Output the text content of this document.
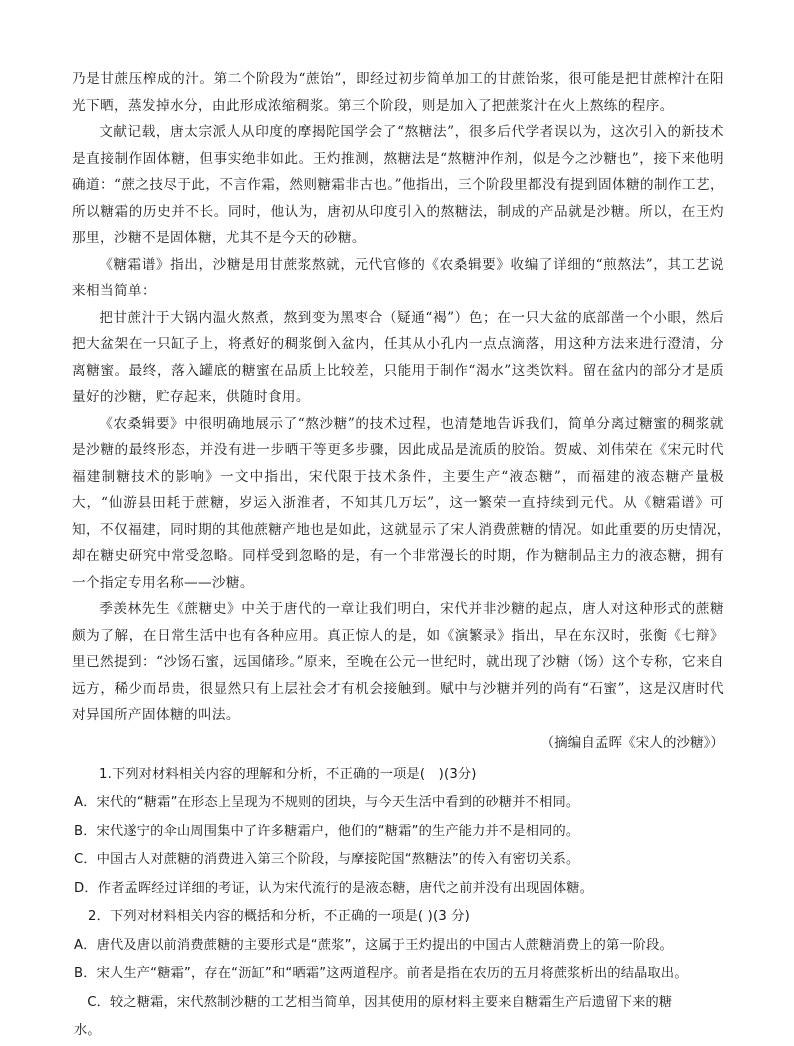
乃是甘蔗压榨成的汁。第二个阶段为“蔗饴”，即经过初步简单加工的甘蔗饴浆，很可能是把甘蔗榨汁在阳光下晒，蒸发掉水分，由此形成浓缩稠浆。第三个阶段，则是加入了把蔗浆汁在火上熬练的程序。

文献记载，唐太宗派人从印度的摩揭陀国学会了“熬糖法”，很多后代学者误以为，这次引入的新技术是直接制作固体糖，但事实绝非如此。王灼推测，熬糖法是“熬糖沖作剂，似是今之沙糖也”，接下来他明确道：“蔗之技尽于此，不言作霜，然则糖霜非古也。”他指出，三个阶段里都没有提到固体糖的制作工艺，所以糖霜的历史并不长。同时，他认为，唐初从印度引入的熬糖法，制成的产品就是沙糖。所以，在王灼那里，沙糖不是固体糖，尤其不是今天的砂糖。

《糖霜谱》指出，沙糖是用甘蔗浆熬就，元代官修的《农桑辑要》收编了详细的“煎熬法”，其工艺说来相当简单：

把甘蔗汁于大锅内温火熬煮，熬到变为黑枣合（疑通“褐”）色；在一只大盆的底部凿一个小眼，然后把大盆架在一只缸子上，将煮好的稠浆倒入盆内，任其从小孔内一点点滴落，用这种方法来进行澄清，分离糖蜜。最终，落入罐底的糖蜜在品质上比较差，只能用于制作“渴水”这类饮料。留在盆内的部分才是质量好的沙糖，贮存起来，供随时食用。

《农桑辑要》中很明确地展示了“熬沙糖”的技术过程，也清楚地告诉我们，简单分离过糖蜜的稠浆就是沙糖的最终形态，并没有进一步晒干等更多步骤，因此成品是流质的胶饴。贺威、刘伟荣在《宋元时代福建制糖技术的影响》一文中指出，宋代限于技术条件，主要生产“液态糖”，而福建的液态糖产量极大，“仙游县田耗于蔗糖，岁运入浙淮者，不知其几万坛”，这一繁荣一直持续到元代。从《糖霜谱》可知，不仅福建，同时期的其他蔗糖产地也是如此，这就显示了宋人消费蔗糖的情况。如此重要的历史情况，　　却在糖史研究中常受忽略。同样受到忽略的是，有一个非常漫长的时期，作为糖制品主力的液态糖，拥有一个指定专用名称——沙糖。

季羡林先生《蔗糖史》中关于唐代的一章让我们明白，宋代并非沙糖的起点，唐人对这种形式的蔗糖颇为了解，在日常生活中也有各种应用。真正惊人的是，如《演繁录》指出，早在东汉时，张衡《七辩》里已然提到：“沙饧石蜜，远国储珍。”原来，至晚在公元一世纪时，就出现了沙糖（饧）这个专称，它来自远方，稀少而昂贵，很显然只有上层社会才有机会接触到。赋中与沙糖并列的尚有“石蜜”，这是汉唐时代对异国所产固体糖的叫法。

（摘编自孟晖《宋人的沙糖》）

1.下列对材料相关内容的理解和分析，不正确的一项是(　)(3分)

A．宋代的“糖霜”在形态上呈现为不规则的团块，与今天生活中看到的砂糖并不相同。

B．宋代遂宁的伞山周围集中了许多糖霜户，他们的“糖霜”的生产能力并不是相同的。

C．中国古人对蔗糖的消费进入第三个阶段，与摩接陀国“熬糖法”的传入有密切关系。

D．作者孟晖经过详细的考证，认为宋代流行的是液态糖，唐代之前并没有出现固体糖。

2．下列对材料相关内容的概括和分析，不正确的一项是( )(3 分)

A．唐代及唐以前消费蔗糖的主要形式是“蔗浆”，这属于王灼提出的中国古人蔗糖消费上的第一阶段。

B．宋人生产“糖霜”，存在“沥缸”和“晒霜”这两道程序。前者是指在农历的五月将蔗浆析出的结晶取出。

C．较之糖霜，宋代熬制沙糖的工艺相当简单，因其使用的原材料主要来自糖霜生产后遗留下来的糖

水。
